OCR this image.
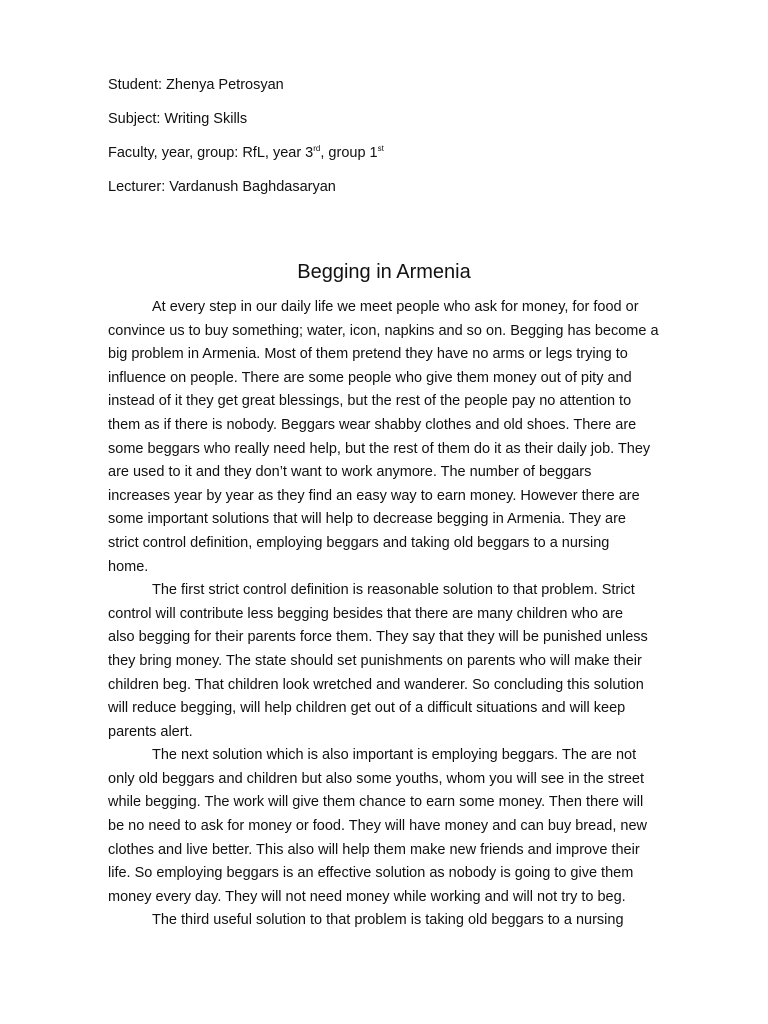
Student: Zhenya Petrosyan
Subject: Writing Skills
Faculty, year, group: RfL, year 3rd, group 1st
Lecturer: Vardanush Baghdasaryan
Begging in Armenia
At every step in our daily life we meet people who ask for money, for food or
convince us to buy something; water, icon, napkins and so on. Begging has become a
big problem in Armenia. Most of them pretend they have no arms or legs trying to
influence on people. There are some people who give them money out of pity and
instead of it they get great blessings, but the rest of the people pay no attention to
them as if there is nobody. Beggars wear shabby clothes and old shoes. There are
some beggars who really need help, but the rest of them do it as their daily job. They
are used to it and they don’t want to work anymore. The number of beggars
increases year by year as they find an easy way to earn money. However there are
some important solutions that will help to decrease begging in Armenia. They are
strict control definition, employing beggars and taking old beggars to a nursing
home.
The first strict control definition is reasonable solution to that problem. Strict
control will contribute less begging besides that there are many children who are
also begging for their parents force them. They say that they will be punished unless
they bring money. The state should set punishments on parents who will make their
children beg. That children look wretched and wanderer. So concluding this solution
will reduce begging, will help children get out of a difficult situations and will keep
parents alert.
The next solution which is also important is employing beggars. The are not
only old beggars and children but also some youths, whom you will see in the street
while begging. The work will give them chance to earn some money. Then there will
be no need to ask for money or food. They will have money and can buy bread, new
clothes and live better. This also will help them make new friends and improve their
life. So employing beggars is an effective solution as nobody is going to give them
money every day. They will not need money while working and will not try to beg.
The third useful solution to that problem is taking old beggars to a nursing
